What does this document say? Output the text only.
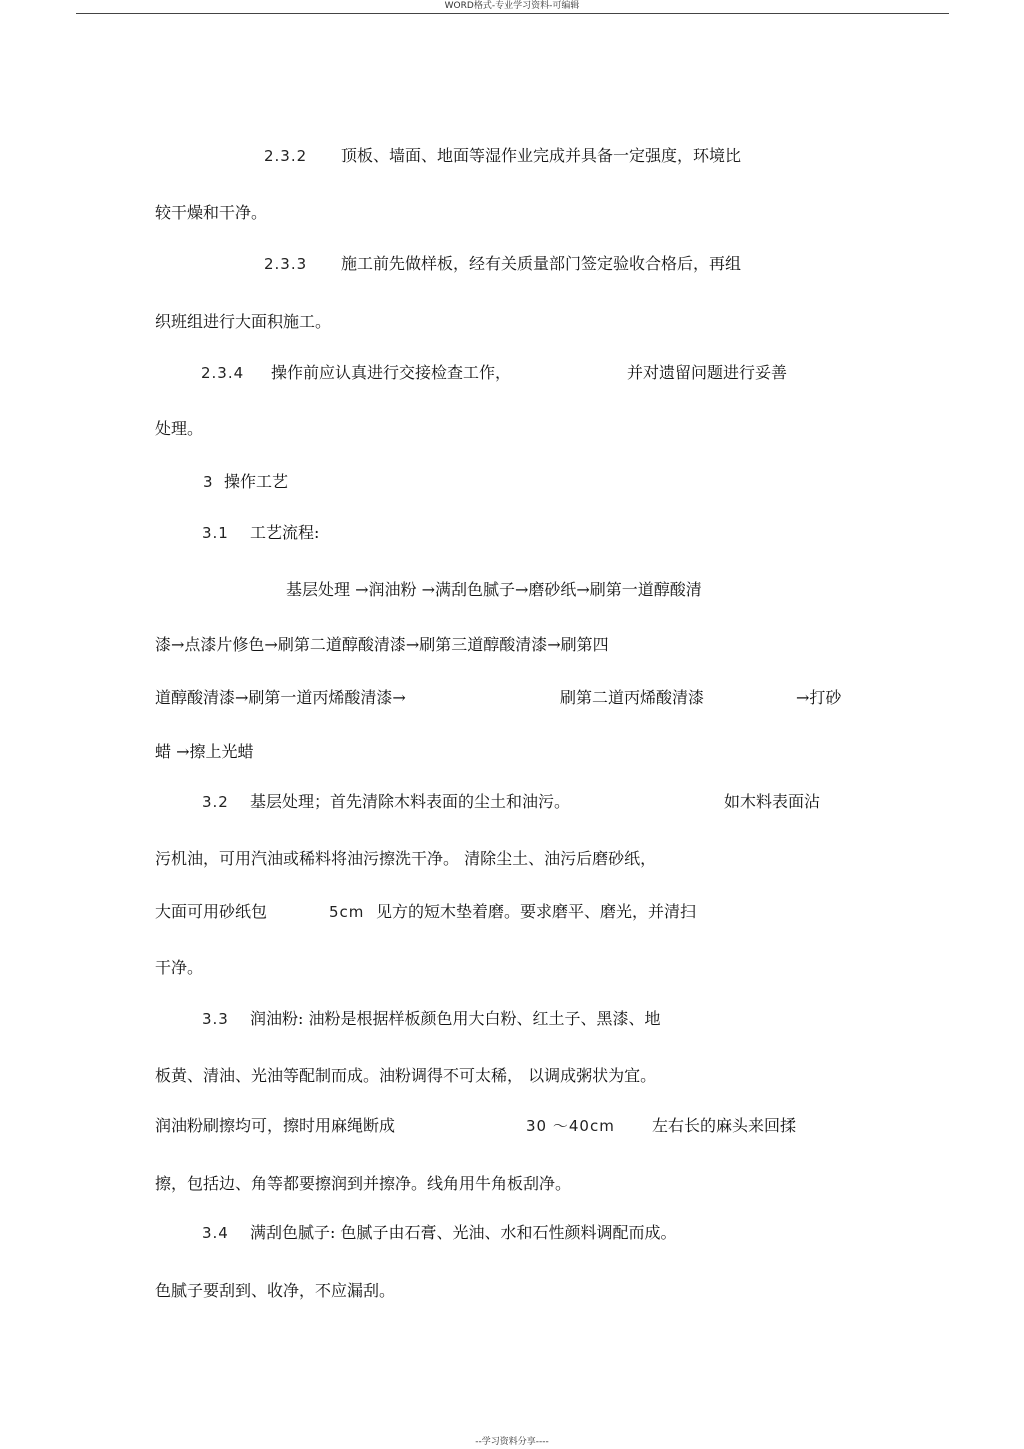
WORD格式-专业学习资料-可编辑
2.3.2 顶板、墙面、地面等湿作业完成并具备一定强度，环境比
较干燥和干净。
2.3.3 施工前先做样板，经有关质量部门签定验收合格后，再组
织班组进行大面积施工。
2.3.4 操作前应认真进行交接检查工作，	并对遗留问题进行妥善
处理。
3 操作工艺
3.1 工艺流程:
基层处理 →润油粉 →满刮色腻子→磨砂纸→刷第一道醇酸清
漆→点漆片修色→刷第二道醇酸清漆→刷第三道醇酸清漆→刷第四
道醇酸清漆→刷第一道丙烯酸清漆→	刷第二道丙烯酸清漆	→打砂
蜡 →擦上光蜡
3.2 基层处理；首先清除木料表面的尘土和油污。	如木料表面沾
污机油，可用汽油或稀料将油污擦洗干净。 清除尘土、油污后磨砂纸，
大面可用砂纸包	5cm 见方的短木垫着磨。要求磨平、磨光，并清扫
干净。
3.3 润油粉: 油粉是根据样板颜色用大白粉、红土子、黑漆、地
板黄、清油、光油等配制而成。油粉调得不可太稀， 以调成粥状为宜。
润油粉刷擦均可，擦时用麻绳断成	30 ～40cm 左右长的麻头来回揉
擦，包括边、角等都要擦润到并擦净。线角用牛角板刮净。
3.4 满刮色腻子: 色腻子由石膏、光油、水和石性颜料调配而成。
色腻子要刮到、收净，不应漏刮。
--学习资料分享----
